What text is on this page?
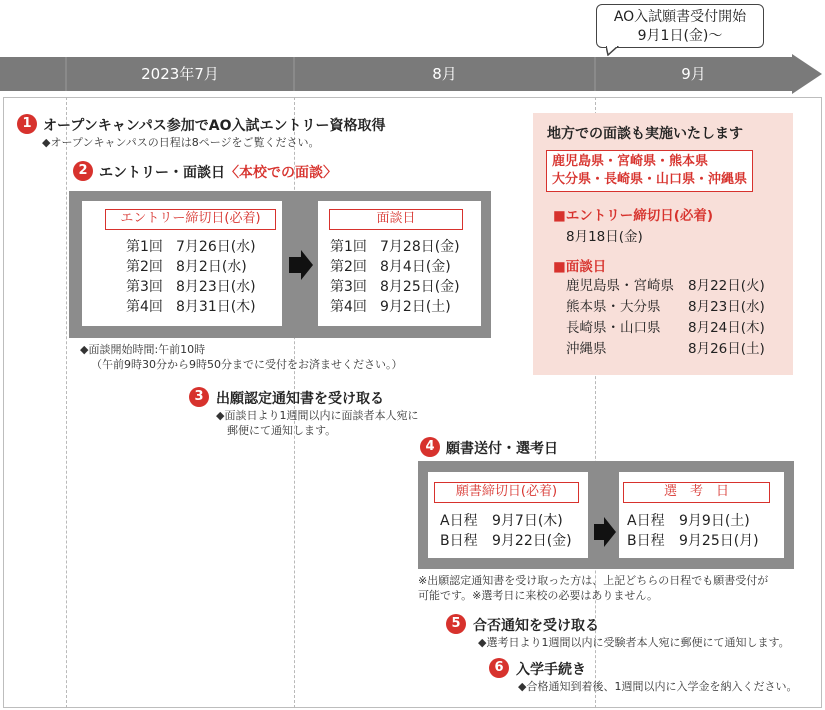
AO入試願書受付開始
9月1日(金)〜
2023年7月	8月	9月
1 オープンキャンパス参加でAO入試エントリー資格取得
◆オープンキャンパスの日程は8ページをご覧ください。
2 エントリー・面談日〈本校での面談〉
エントリー締切日(必着)
第1回 7月26日(水)
第2回 8月2日(水)
第3回 8月23日(水)
第4回 8月31日(木)
面談日
第1回 7月28日(金)
第2回 8月4日(金)
第3回 8月25日(金)
第4回 9月2日(土)
◆面談開始時間:午前10時
（午前9時30分から9時50分までに受付をお済ませください。）
3 出願認定通知書を受け取る
◆面談日より1週間以内に面談者本人宛に
郵便にて通知します。
4 願書送付・選考日
願書締切日(必着)
A日程 9月7日(木)
B日程 9月22日(金)
選　考　日
A日程 9月9日(土)
B日程 9月25日(月)
※出願認定通知書を受け取った方は、上記どちらの日程でも願書受付が
可能です。※選考日に来校の必要はありません。
5 合否通知を受け取る
◆選考日より1週間以内に受験者本人宛に郵便にて通知します。
6 入学手続き
◆合格通知到着後、1週間以内に入学金を納入ください。
地方での面談も実施いたします
鹿児島県・宮崎県・熊本県
大分県・長崎県・山口県・沖縄県
■エントリー締切日(必着)
8月18日(金)
■面談日
鹿児島県・宮崎県 8月22日(火)
熊本県・大分県 8月23日(水)
長崎県・山口県 8月24日(木)
沖縄県	8月26日(土)
